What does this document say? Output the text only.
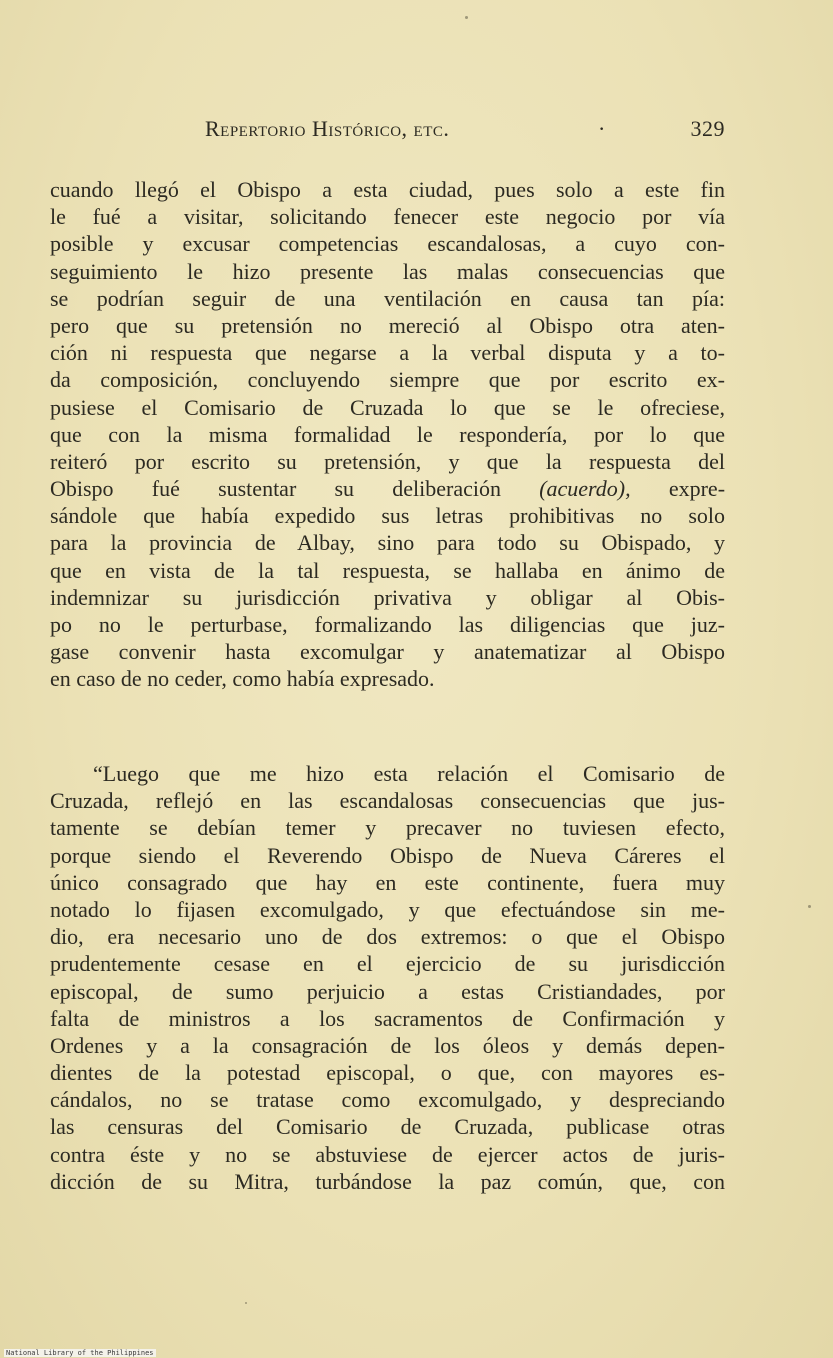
Repertorio Histórico, etc.	·	329
cuando llegó el Obispo a esta ciudad, pues solo a este fin
le fué a visitar, solicitando fenecer este negocio por vía
posible y excusar competencias escandalosas, a cuyo con-
seguimiento le hizo presente las malas consecuencias que
se podrían seguir de una ventilación en causa tan pía:
pero que su pretensión no mereció al Obispo otra aten-
ción ni respuesta que negarse a la verbal disputa y a to-
da composición, concluyendo siempre que por escrito ex-
pusiese el Comisario de Cruzada lo que se le ofreciese,
que con la misma formalidad le respondería, por lo que
reiteró por escrito su pretensión, y que la respuesta del
Obispo fué sustentar su deliberación (acuerdo), expre-
sándole que había expedido sus letras prohibitivas no solo
para la provincia de Albay, sino para todo su Obispado, y
que en vista de la tal respuesta, se hallaba en ánimo de
indemnizar su jurisdicción privativa y obligar al Obis-
po no le perturbase, formalizando las diligencias que juz-
gase convenir hasta excomulgar y anatematizar al Obispo
en caso de no ceder, como había expresado.
“Luego que me hizo esta relación el Comisario de
Cruzada, reflejó en las escandalosas consecuencias que jus-
tamente se debían temer y precaver no tuviesen efecto,
porque siendo el Reverendo Obispo de Nueva Cáreres el
único consagrado que hay en este continente, fuera muy
notado lo fijasen excomulgado, y que efectuándose sin me-
dio, era necesario uno de dos extremos: o que el Obispo
prudentemente cesase en el ejercicio de su jurisdicción
episcopal, de sumo perjuicio a estas Cristiandades, por
falta de ministros a los sacramentos de Confirmación y
Ordenes y a la consagración de los óleos y demás depen-
dientes de la potestad episcopal, o que, con mayores es-
cándalos, no se tratase como excomulgado, y despreciando
las censuras del Comisario de Cruzada, publicase otras
contra éste y no se abstuviese de ejercer actos de juris-
dicción de su Mitra, turbándose la paz común, que, con
National Library of the Philippines
